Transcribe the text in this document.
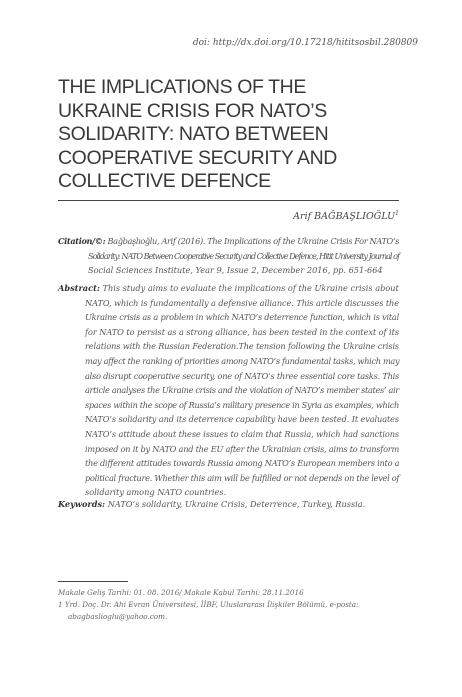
doi: http://dx.doi.org/10.17218/hititsosbil.280809
THE IMPLICATIONS OF THE
UKRAINE CRISIS FOR NATO’S
SOLIDARITY: NATO BETWEEN
COOPERATIVE SECURITY AND
COLLECTIVE DEFENCE
Arif BAĞBAŞLIOĞLU$^1$
Citation/©: Bağbaşlıoğlu, Arif (2016). The Implications of the Ukraine Crisis For NATO’s
Solidarity: NATO Between Cooperative Security and Collective Defence, Hitit University Journal of
Social Sciences Institute, Year 9, Issue 2, December 2016, pp. 651-664
Abstract: This study aims to evaluate the implications of the Ukraine crisis about
NATO, which is fundamentally a defensive alliance. This article discusses the
Ukraine crisis as a problem in which NATO’s deterrence function, which is vital
for NATO to persist as a strong alliance, has been tested in the context of its
relations with the Russian Federation.The tension following the Ukraine crisis
may affect the ranking of priorities among NATO’s fundamental tasks, which may
also disrupt cooperative security, one of NATO’s three essential core tasks. This
article analyses the Ukraine crisis and the violation of NATO’s member states’ air
spaces within the scope of Russia’s military presence in Syria as examples, which
NATO’s solidarity and its deterrence capability have been tested. It evaluates
NATO’s attitude about these issues to claim that Russia, which had sanctions
imposed on it by NATO and the EU after the Ukrainian crisis, aims to transform
the different attitudes towards Russia among NATO’s European members into a
political fracture. Whether this aim will be fulfilled or not depends on the level of
solidarity among NATO countries.
Keywords: NATO’s solidarity, Ukraine Crisis, Deterrence, Turkey, Russia.
Makale Geliş Tarihi: 01. 08. 2016/ Makale Kabul Tarihi: 28.11.2016
1 Yrd. Doç. Dr. Ahi Evran Üniversitesi, İİBF, Uluslararası İlişkiler Bölümü, e-posta:
abagbaslioglu@yahoo.com.
